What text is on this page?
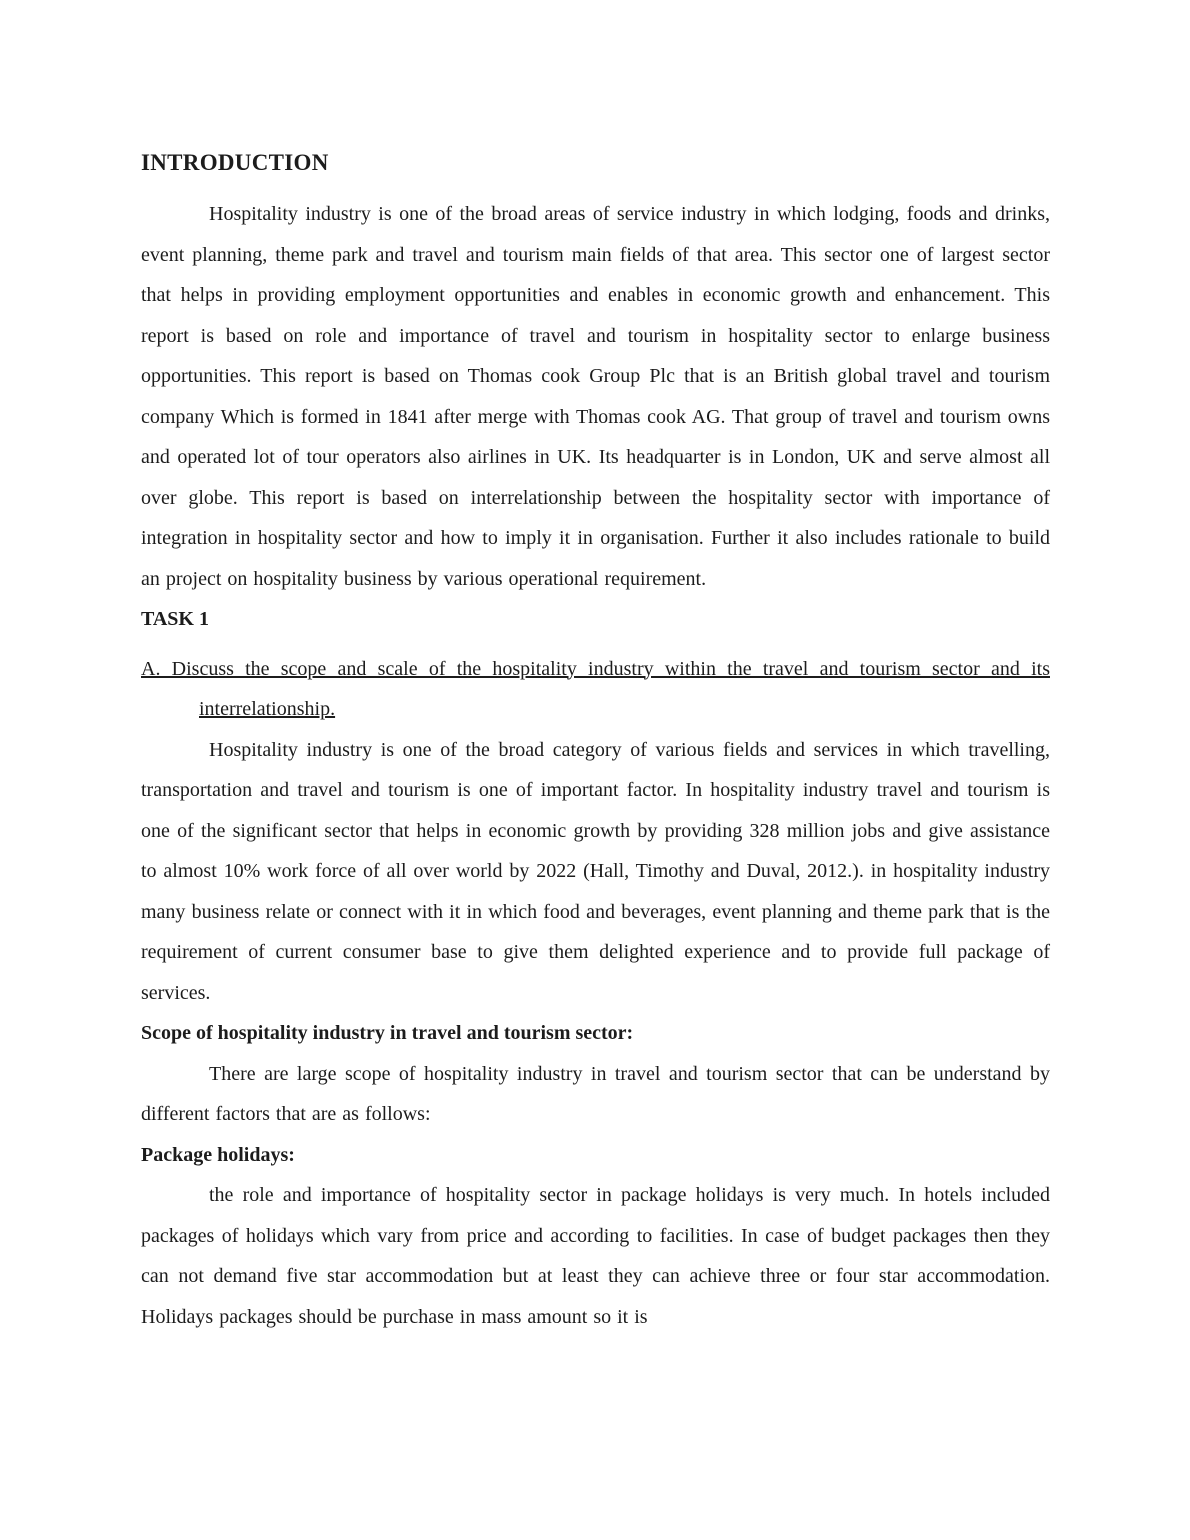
INTRODUCTION

Hospitality industry is one of the broad areas of service industry in which lodging, foods and drinks, event planning, theme park and travel and tourism main fields of that area. This sector one of largest sector that helps in providing employment opportunities and enables in economic growth and enhancement. This report is based on role and importance of travel and tourism in hospitality sector to enlarge business opportunities. This report is based on Thomas cook Group Plc that is an British global travel and tourism company Which is formed in 1841 after merge with Thomas cook AG. That group of travel and tourism owns and operated lot of tour operators also airlines in UK. Its headquarter is in London, UK and serve almost all over globe. This report is based on interrelationship between the hospitality sector with importance of integration in hospitality sector and how to imply it in organisation. Further it also includes rationale to build an project on hospitality business by various operational requirement.

TASK 1
A. Discuss the scope and scale of the hospitality industry within the travel and tourism sector and its interrelationship.

Hospitality industry is one of the broad category of various fields and services in which travelling, transportation and travel and tourism is one of important factor. In hospitality industry travel and tourism is one of the significant sector that helps in economic growth by providing 328 million jobs and give assistance to almost 10% work force of all over world by 2022 (Hall, Timothy and Duval, 2012.). in hospitality industry many business relate or connect with it in which food and beverages, event planning and theme park that is the requirement of current consumer base to give them delighted experience and to provide full package of services.

Scope of hospitality industry in travel and tourism sector:

There are large scope of hospitality industry in travel and tourism sector that can be understand by different factors that are as follows:

Package holidays:

the role and importance of hospitality sector in package holidays is very much. In hotels included packages of holidays which vary from price and according to facilities. In case of budget packages then they can not demand five star accommodation but at least they can achieve three or four star accommodation. Holidays packages should be purchase in mass amount so it is
